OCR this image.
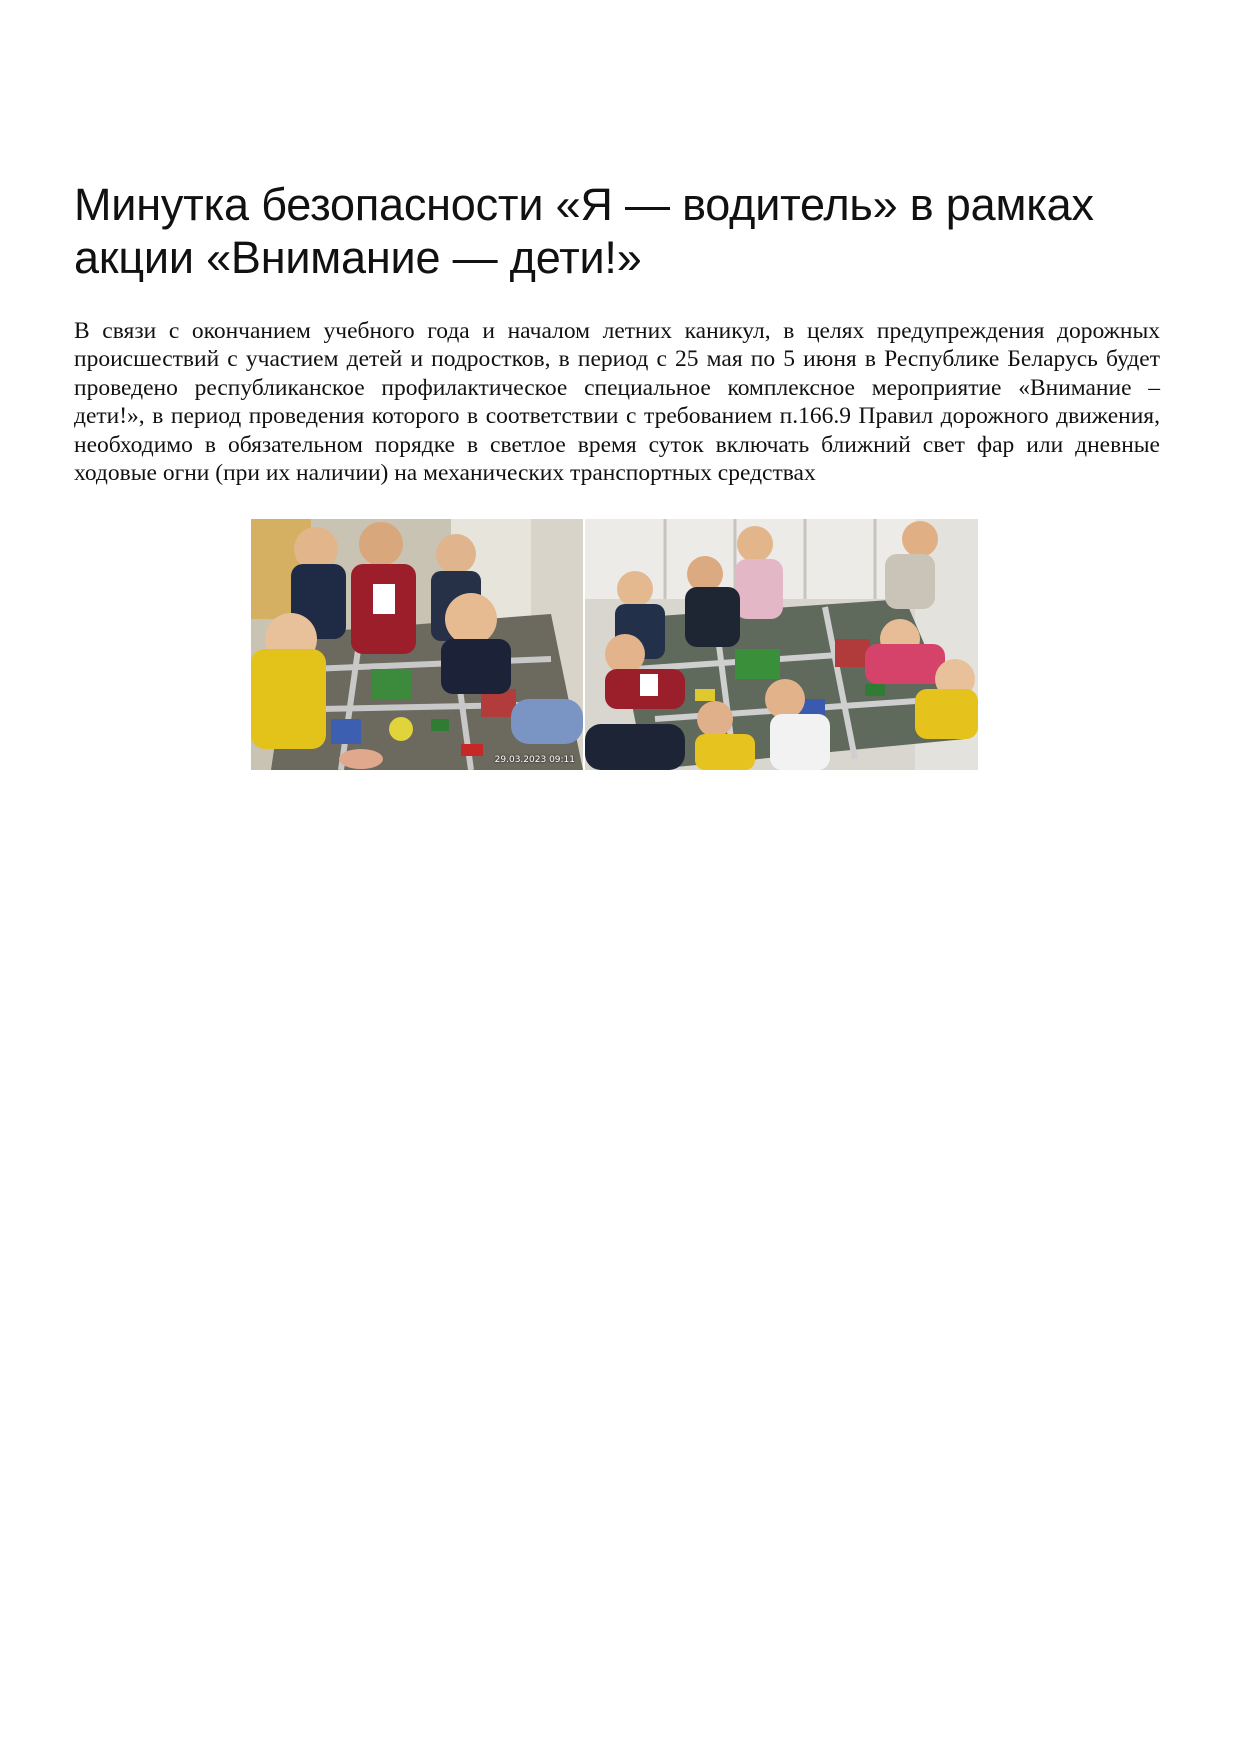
Минутка безопасности «Я — водитель» в рамках акции «Внимание — дети!»

В связи с окончанием учебного года и началом летних каникул, в целях предупреждения дорожных происшествий с участием детей и подростков, в период с 25 мая по 5 июня в Республике Беларусь будет проведено республиканское профилактическое специальное комплексное мероприятие «Внимание – дети!», в период проведения которого в соответствии с требованием п.166.9 Правил дорожного движения, необходимо в обязательном порядке в светлое время суток включать ближний свет фар или дневные ходовые огни (при их наличии) на механических транспортных средствах

29.03.2023 09:11
